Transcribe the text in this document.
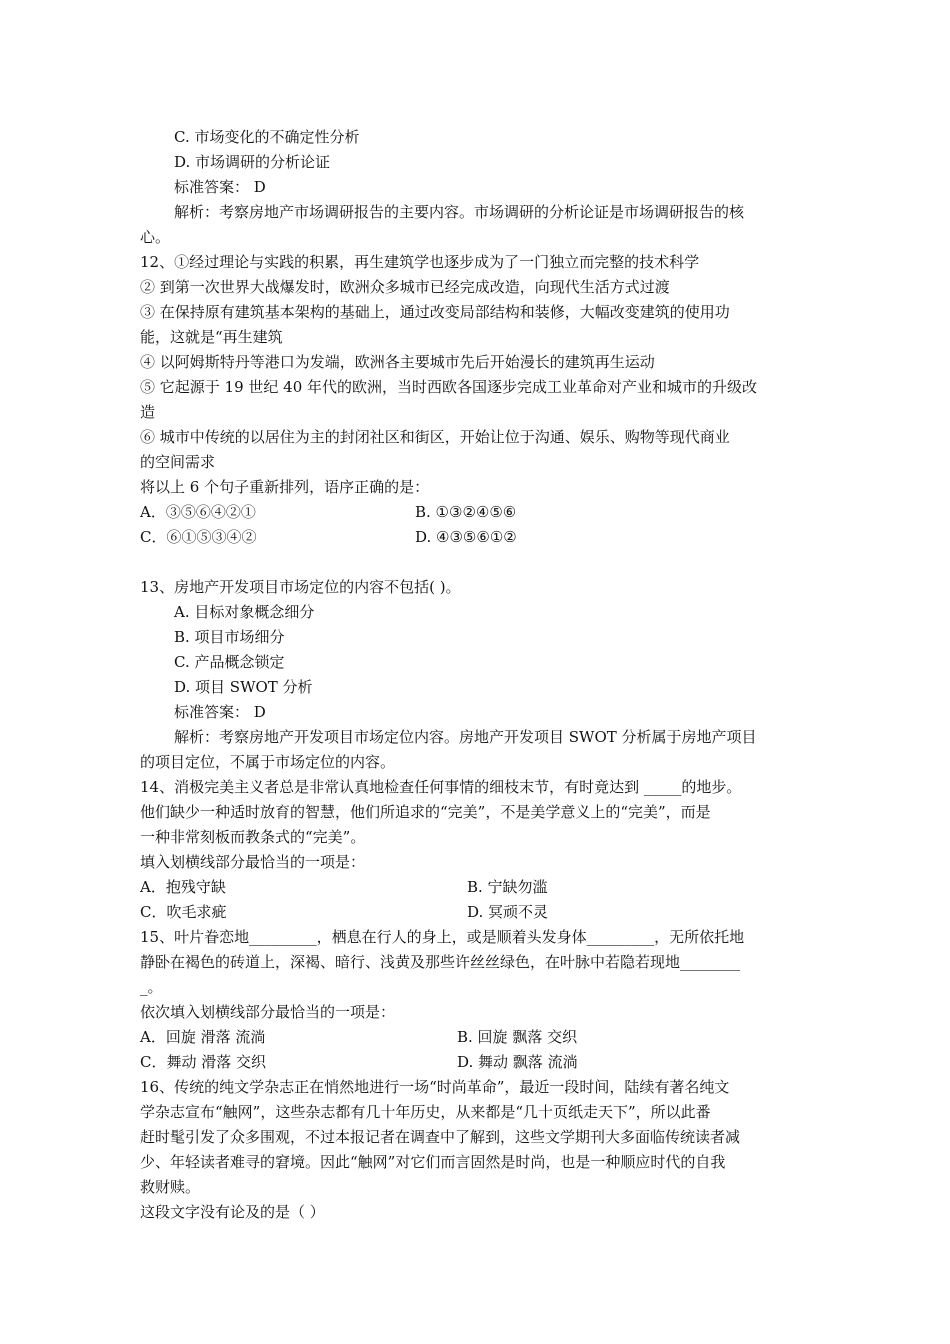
C. 市场变化的不确定性分析
D. 市场调研的分析论证
标准答案： D
解析：考察房地产市场调研报告的主要内容。市场调研的分析论证是市场调研报告的核
心。
12、①经过理论与实践的积累，再生建筑学也逐步成为了一门独立而完整的技术科学
② 到第一次世界大战爆发时，欧洲众多城市已经完成改造，向现代生活方式过渡
③ 在保持原有建筑基本架构的基础上，通过改变局部结构和装修，大幅改变建筑的使用功
能，这就是“再生建筑
④ 以阿姆斯特丹等港口为发端，欧洲各主要城市先后开始漫长的建筑再生运动
⑤ 它起源于 19 世纪 40 年代的欧洲，当时西欧各国逐步完成工业革命对产业和城市的升级改
造
⑥ 城市中传统的以居住为主的封闭社区和街区，开始让位于沟通、娱乐、购物等现代商业
的空间需求
将以上 6 个句子重新排列，语序正确的是：
A．③⑤⑥④②①	B. ①③②④⑤⑥
C．⑥①⑤③④②	D. ④③⑤⑥①②
13、房地产开发项目市场定位的内容不包括( )。
A. 目标对象概念细分
B. 项目市场细分
C. 产品概念锁定
D. 项目 SWOT 分析
标准答案： D
解析：考察房地产开发项目市场定位内容。房地产开发项目 SWOT 分析属于房地产项目
的项目定位，不属于市场定位的内容。
14、消极完美主义者总是非常认真地检查任何事情的细枝末节，有时竟达到 _____的地步。
他们缺少一种适时放育的智慧，他们所追求的“完美”，不是美学意义上的“完美”，而是
一种非常刻板而教条式的“完美”。
填入划横线部分最恰当的一项是：
A．抱残守缺	B. 宁缺勿滥
C．吹毛求疵	D. 冥顽不灵
15、叶片眷恋地_________，栖息在行人的身上，或是顺着头发身体_________，无所依托地
静卧在褐色的砖道上，深褐、暗行、浅黄及那些许丝丝绿色，在叶脉中若隐若现地________
_。
依次填入划横线部分最恰当的一项是：
A．回旋 滑落 流淌	B. 回旋 飘落 交织
C．舞动 滑落 交织	D. 舞动 飘落 流淌
16、传统的纯文学杂志正在悄然地进行一场“时尚革命”，最近一段时间，陆续有著名纯文
学杂志宣布“触网”，这些杂志都有几十年历史，从来都是“几十页纸走天下”，所以此番
赶时髦引发了众多围观，不过本报记者在调查中了解到，这些文学期刊大多面临传统读者减
少、年轻读者难寻的窘境。因此“触网”对它们而言固然是时尚，也是一种顺应时代的自我
救财赎。
这段文字没有论及的是（ ）
